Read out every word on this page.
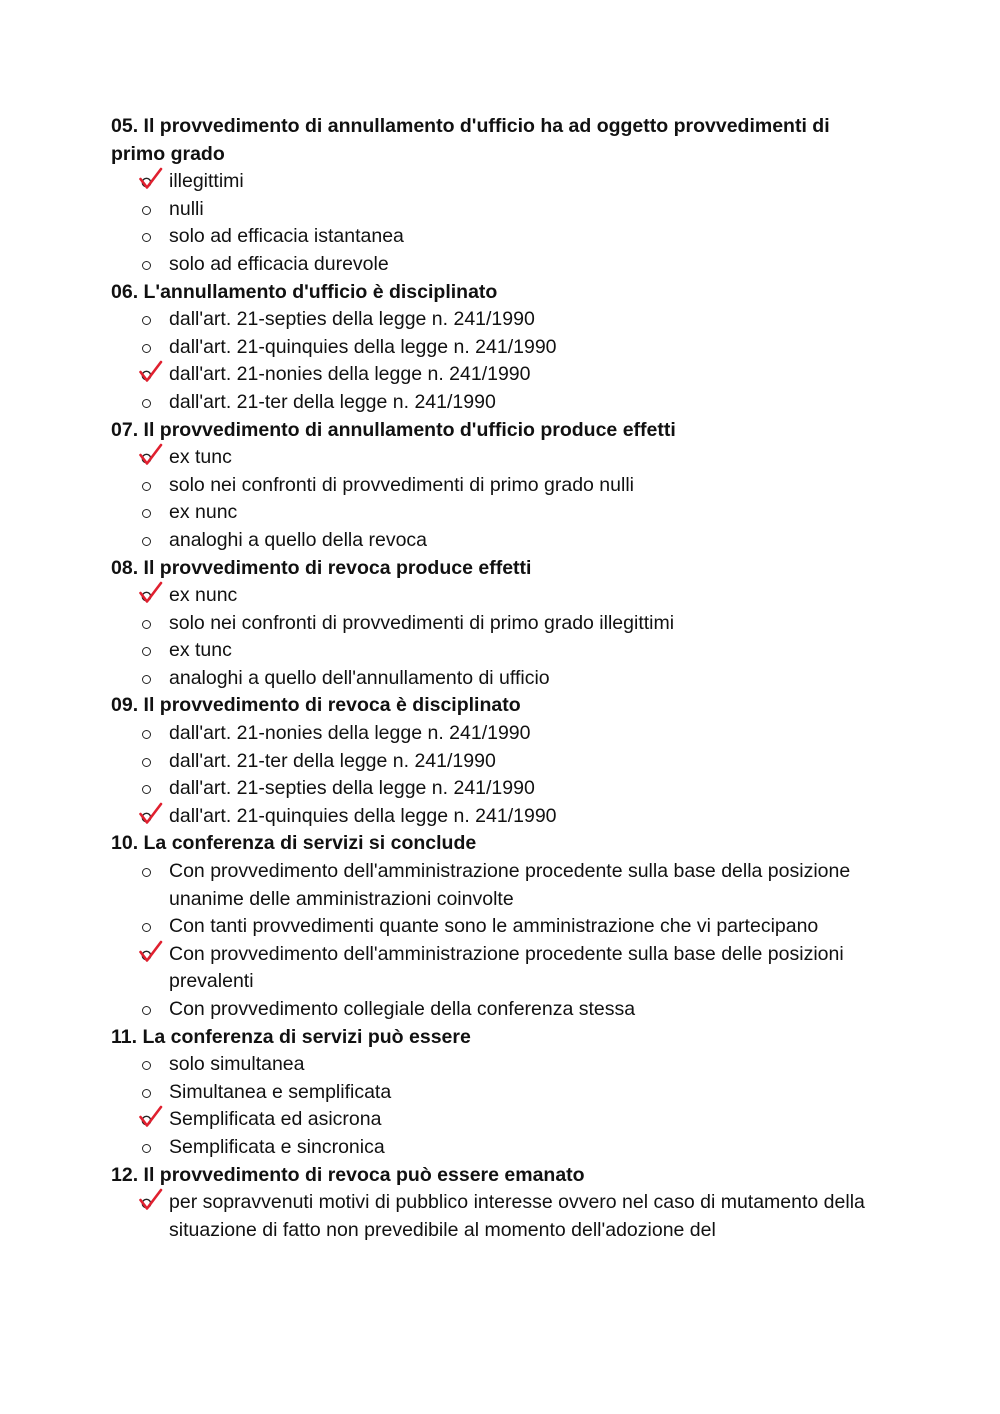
05. Il provvedimento di annullamento d'ufficio ha ad oggetto provvedimenti di primo grado

illegittimi
nulli
solo ad efficacia istantanea
solo ad efficacia durevole

06. L'annullamento d'ufficio è disciplinato

dall'art. 21-septies della legge n. 241/1990
dall'art. 21-quinquies della legge n. 241/1990
dall'art. 21-nonies della legge n. 241/1990
dall'art. 21-ter della legge n. 241/1990

07. Il provvedimento di annullamento d'ufficio produce effetti

ex tunc
solo nei confronti di provvedimenti di primo grado nulli
ex nunc
analoghi a quello della revoca

08. Il provvedimento di revoca produce effetti

ex nunc
solo nei confronti di provvedimenti di primo grado illegittimi
ex tunc
analoghi a quello dell'annullamento di ufficio

09. Il provvedimento di revoca è disciplinato

dall'art. 21-nonies della legge n. 241/1990
dall'art. 21-ter della legge n. 241/1990
dall'art. 21-septies della legge n. 241/1990
dall'art. 21-quinquies della legge n. 241/1990

10. La conferenza di servizi si conclude

Con provvedimento dell'amministrazione procedente sulla base della posizione unanime delle amministrazioni coinvolte
Con tanti provvedimenti quante sono le amministrazione che vi partecipano
Con provvedimento dell'amministrazione procedente sulla base delle posizioni prevalenti
Con provvedimento collegiale della conferenza stessa

11. La conferenza di servizi può essere

solo simultanea
Simultanea e semplificata
Semplificata ed asicrona
Semplificata e sincronica

12. Il provvedimento di revoca può essere emanato

per sopravvenuti motivi di pubblico interesse ovvero nel caso di mutamento della situazione di fatto non prevedibile al momento dell'adozione del
